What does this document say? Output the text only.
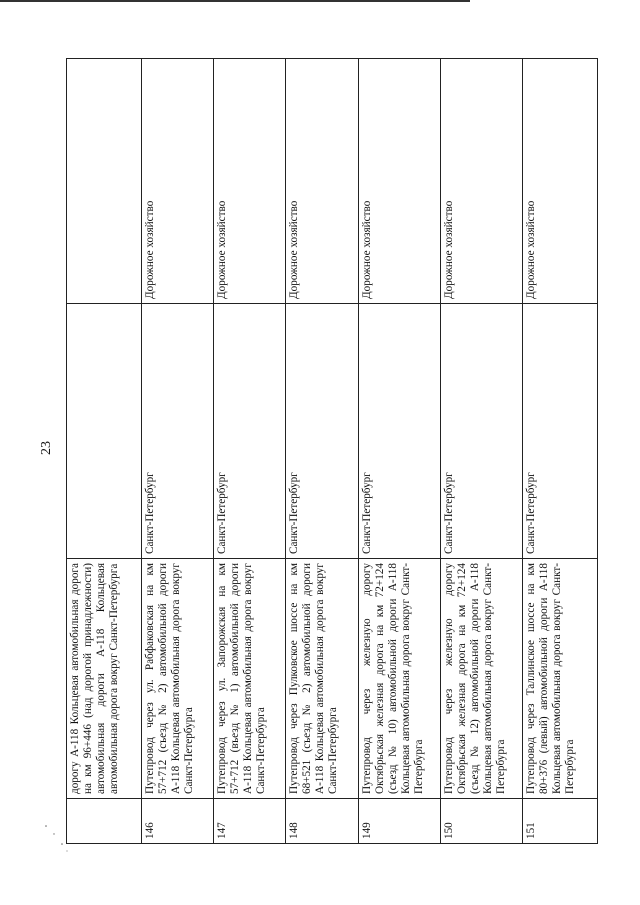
23
	дорогу А-118 Кольцевая автомобильная дорога на км 96+446 (над дорогой принадлежности) автомобильная дороги А-118 Кольцевая автомобильная дорога вокруг Санкт-Петербурга		
146	Путепровод через ул. Рабфаковская на км 57+712 (съезд № 2) автомобильной дороги А-118 Кольцевая автомобильная дорога вокруг Санкт-Петербурга	Санкт-Петербург	Дорожное хозяйство
147	Путепровод через ул. Запорожская на км 57+712 (въезд № 1) автомобильной дороги А-118 Кольцевая автомобильная дорога вокруг Санкт-Петербурга	Санкт-Петербург	Дорожное хозяйство
148	Путепровод через Пулковское шоссе на км 68+521 (съезд № 2) автомобильной дороги А-118 Кольцевая автомобильная дорога вокруг Санкт-Петербурга	Санкт-Петербург	Дорожное хозяйство
149	Путепровод через железную дорогу Октябрьская железная дорога на км 72+124 (съезд № 10) автомобильной дороги А-118 Кольцевая автомобильная дорога вокруг Санкт-Петербурга	Санкт-Петербург	Дорожное хозяйство
150	Путепровод через железную дорогу Октябрьская железная дорога на км 72+124 (съезд № 12) автомобильной дороги А-118 Кольцевая автомобильная дорога вокруг Санкт-Петербурга	Санкт-Петербург	Дорожное хозяйство
151	Путепровод через Таллинское шоссе на км 80+376 (левый) автомобильной дороги А-118 Кольцевая автомобильная дорога вокруг Санкт-Петербурга	Санкт-Петербург	Дорожное хозяйство
